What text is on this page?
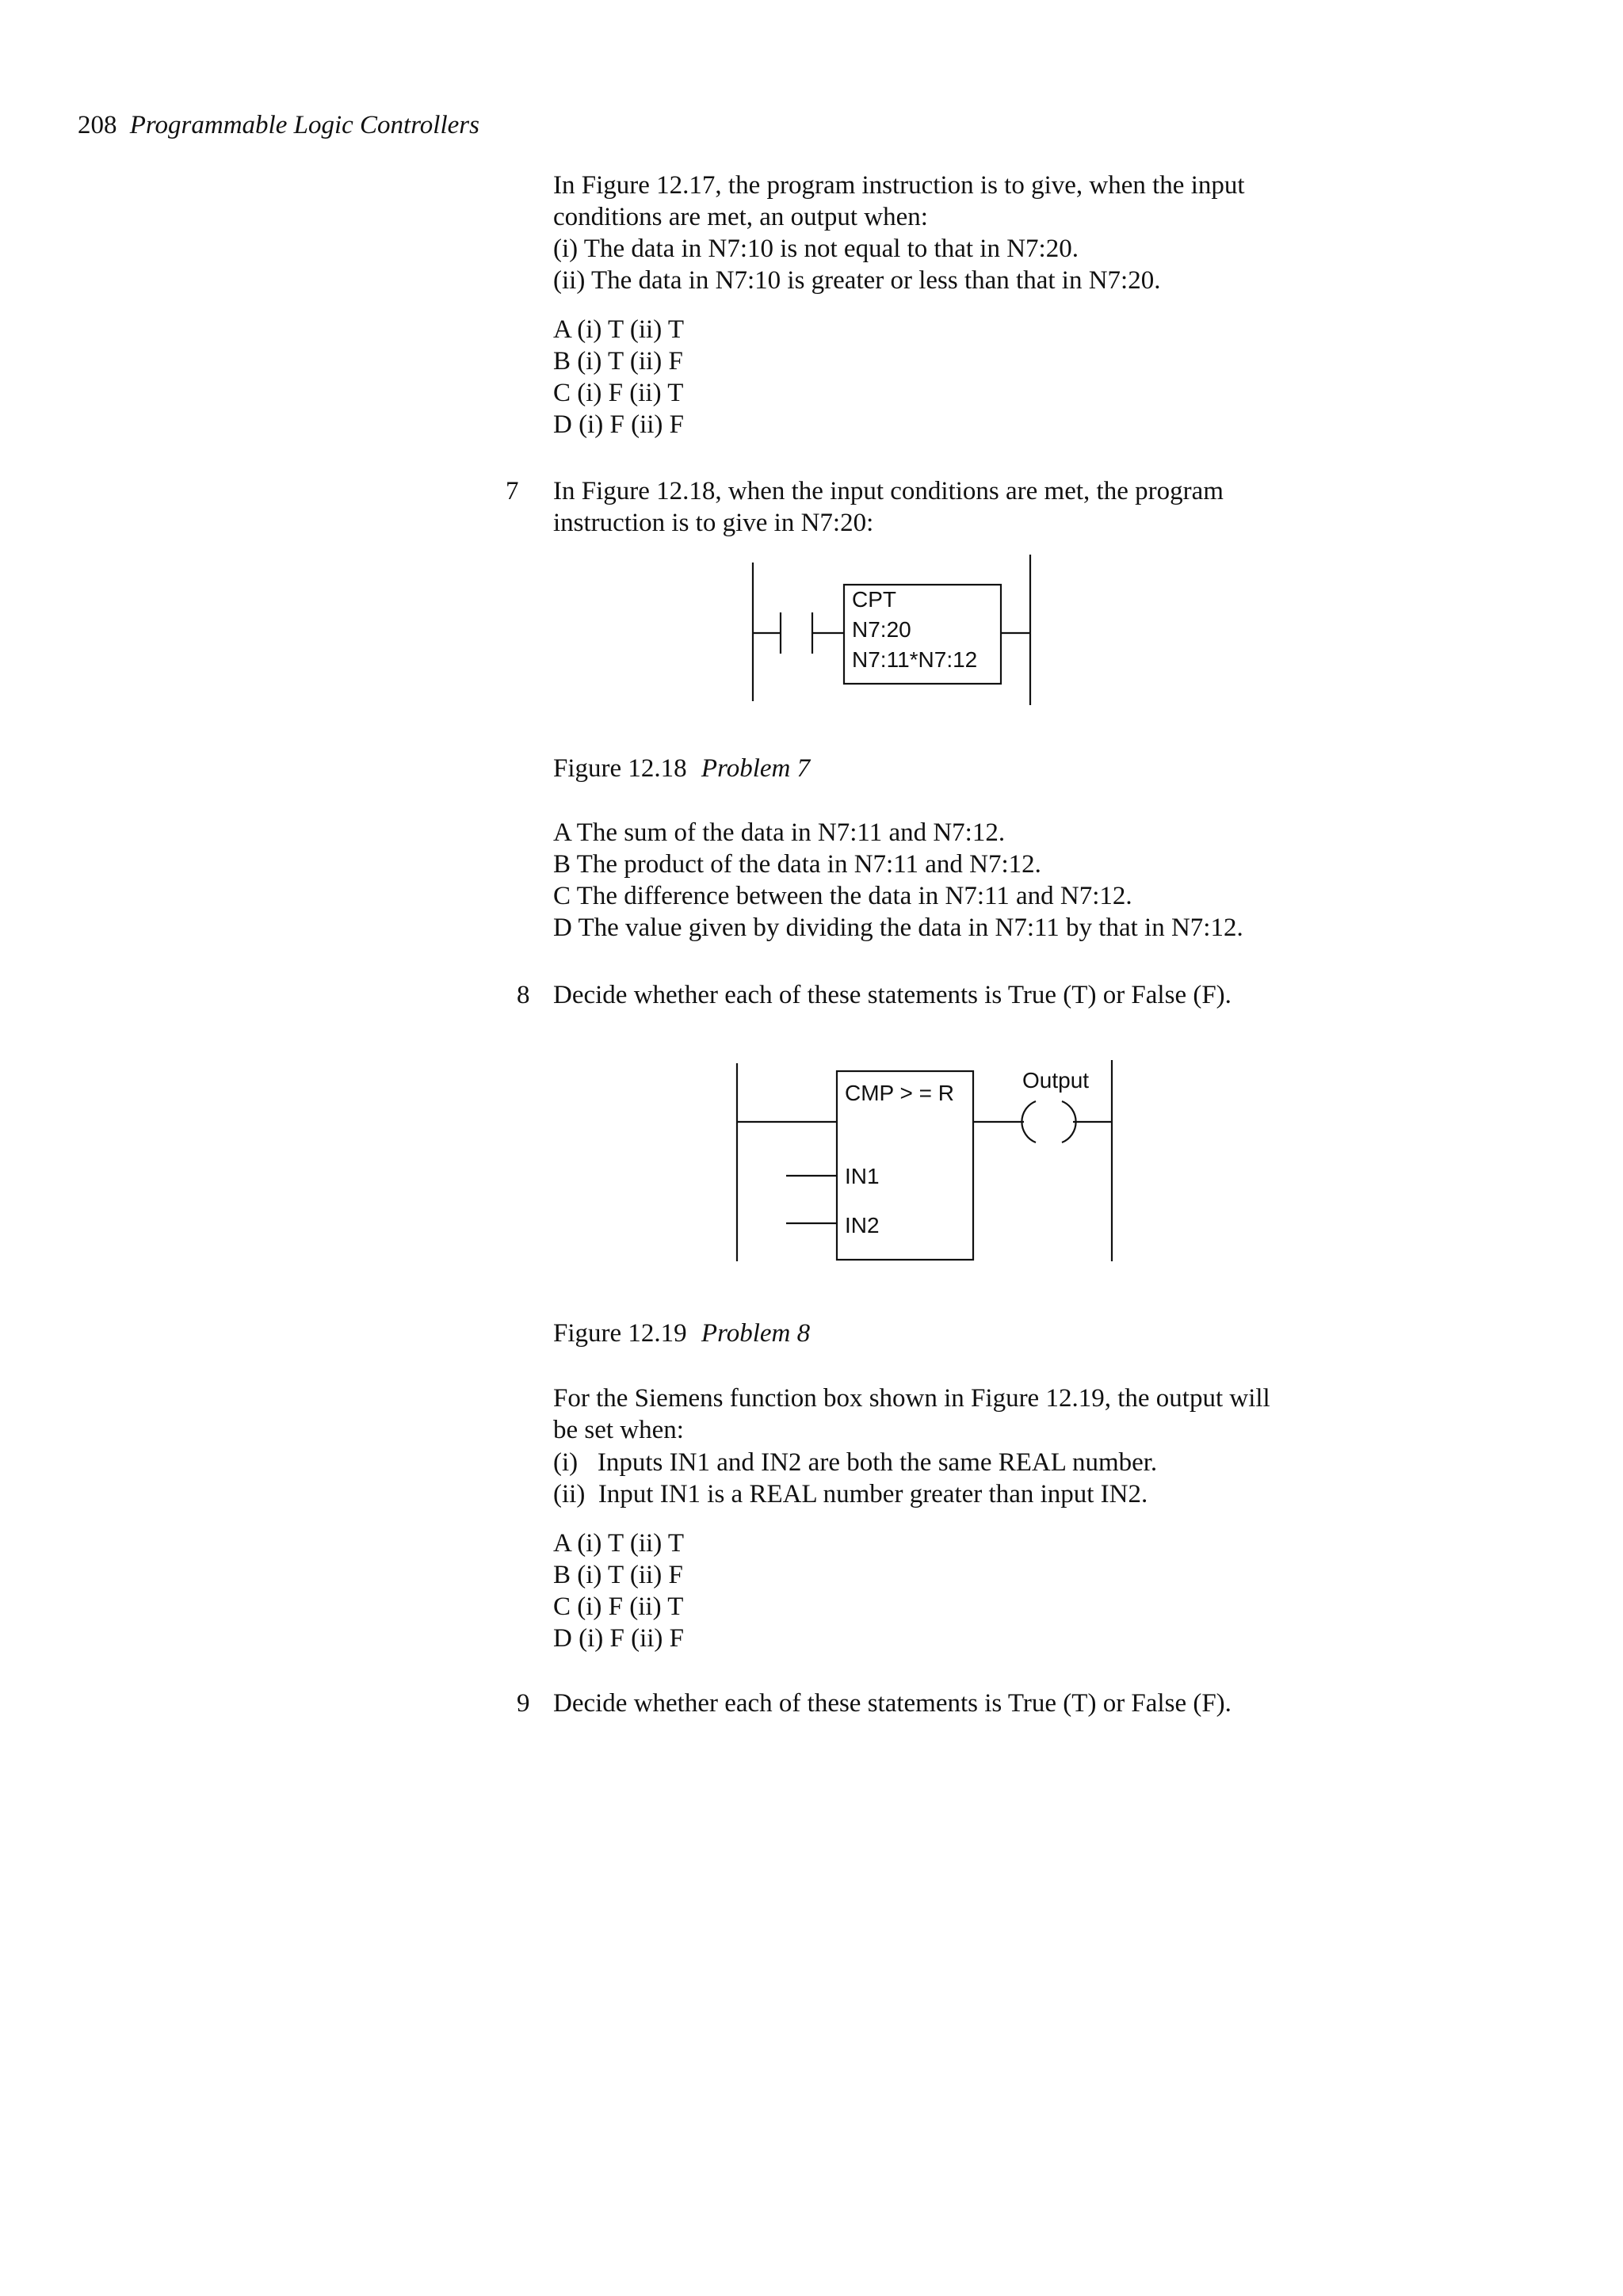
208 Programmable Logic Controllers
In Figure 12.17, the program instruction is to give, when the input
conditions are met, an output when:
(i) The data in N7:10 is not equal to that in N7:20.
(ii) The data in N7:10 is greater or less than that in N7:20.
A (i) T (ii) T
B (i) T (ii) F
C (i) F (ii) T
D (i) F (ii) F
7 In Figure 12.18, when the input conditions are met, the program
instruction is to give in N7:20:
CPT
N7:20
N7:11*N7:12
Figure 12.18 Problem 7
A The sum of the data in N7:11 and N7:12.
B The product of the data in N7:11 and N7:12.
C The difference between the data in N7:11 and N7:12.
D The value given by dividing the data in N7:11 by that in N7:12.
8 Decide whether each of these statements is True (T) or False (F).
CMP > = R
Output
IN1
IN2
Figure 12.19 Problem 8
For the Siemens function box shown in Figure 12.19, the output will
be set when:
(i)   Inputs IN1 and IN2 are both the same REAL number.
(ii)  Input IN1 is a REAL number greater than input IN2.
A (i) T (ii) T
B (i) T (ii) F
C (i) F (ii) T
D (i) F (ii) F
9 Decide whether each of these statements is True (T) or False (F).
